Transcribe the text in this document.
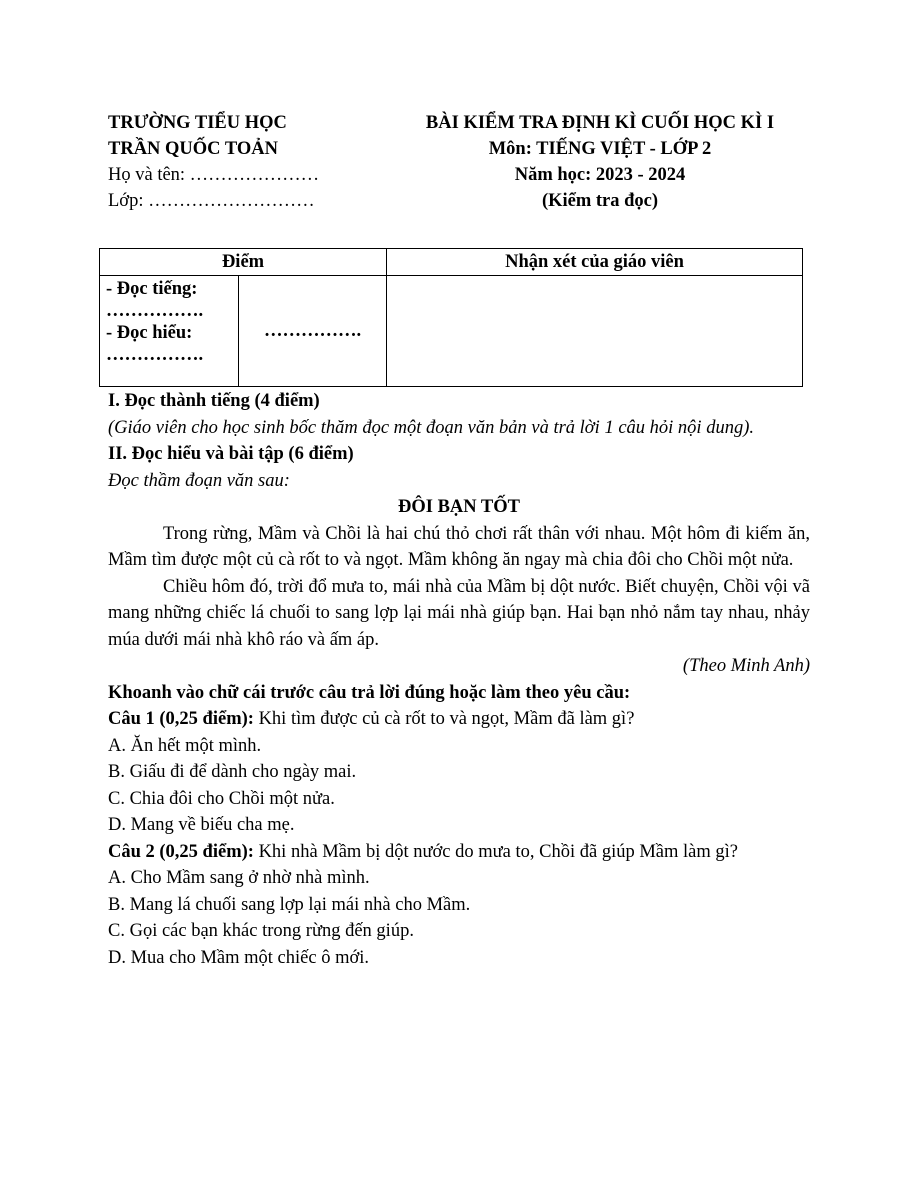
TRƯỜNG TIỂU HỌC
TRẦN QUỐC TOẢN
Họ và tên: …………………
Lớp: ………………………
BÀI KIỂM TRA ĐỊNH KÌ CUỐI HỌC KÌ I
Môn: TIẾNG VIỆT - LỚP 2
Năm học: 2023 - 2024
(Kiểm tra đọc)
Điểm		Nhận xét của giáo viên

- Đọc tiếng:
…………….
- Đọc hiểu:
…………….	…………….	

I. Đọc thành tiếng (4 điểm)

(Giáo viên cho học sinh bốc thăm đọc một đoạn văn bản và trả lời 1 câu hỏi nội dung).

II. Đọc hiểu và bài tập (6 điểm)

Đọc thầm đoạn văn sau:

ĐÔI BẠN TỐT

Trong rừng, Mầm và Chồi là hai chú thỏ chơi rất thân với nhau. Một hôm đi kiếm ăn, Mầm tìm được một củ cà rốt to và ngọt. Mầm không ăn ngay mà chia đôi cho Chồi một nửa.

Chiều hôm đó, trời đổ mưa to, mái nhà của Mầm bị dột nước. Biết chuyện, Chồi vội vã mang những chiếc lá chuối to sang lợp lại mái nhà giúp bạn. Hai bạn nhỏ nắm tay nhau, nhảy múa dưới mái nhà khô ráo và ấm áp.

(Theo Minh Anh)

Khoanh vào chữ cái trước câu trả lời đúng hoặc làm theo yêu cầu:

Câu 1 (0,25 điểm): Khi tìm được củ cà rốt to và ngọt, Mầm đã làm gì?

A. Ăn hết một mình.

B. Giấu đi để dành cho ngày mai.

C. Chia đôi cho Chồi một nửa.

D. Mang về biếu cha mẹ.

Câu 2 (0,25 điểm): Khi nhà Mầm bị dột nước do mưa to, Chồi đã giúp Mầm làm gì?

A. Cho Mầm sang ở nhờ nhà mình.

B. Mang lá chuối sang lợp lại mái nhà cho Mầm.

C. Gọi các bạn khác trong rừng đến giúp.

D. Mua cho Mầm một chiếc ô mới.
